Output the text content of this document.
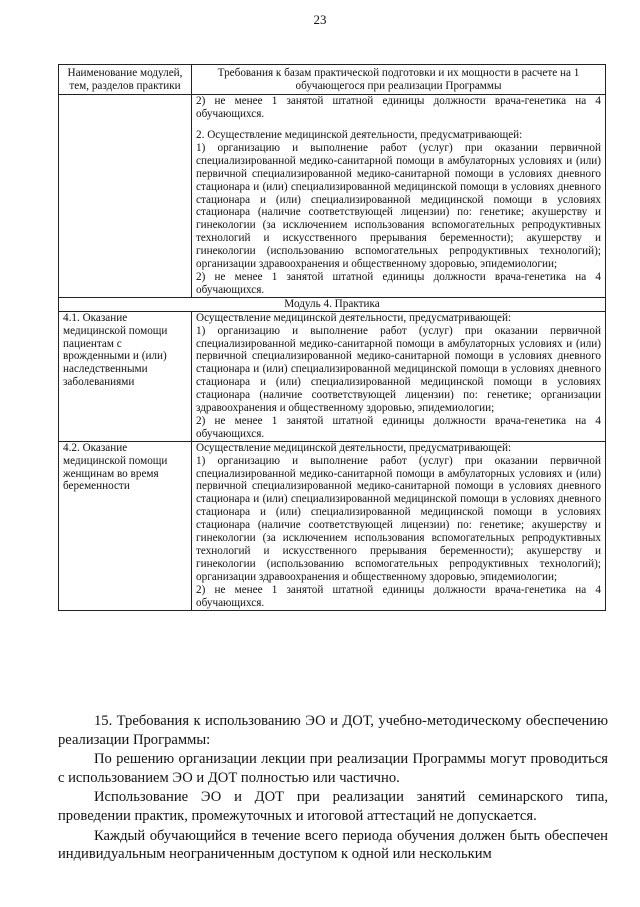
23
Наименование модулей, тем, разделов практики	Требования к базам практической подготовки и их мощности в расчете на 1 обучающегося при реализации Программы

	2) не менее 1 занятой штатной единицы должности врача-генетика на 4 обучающихся.

2. Осуществление медицинской деятельности, предусматривающей:

1) организацию и выполнение работ (услуг) при оказании первичной специализированной медико-санитарной помощи в амбулаторных условиях и (или) первичной специализированной медико-санитарной помощи в условиях дневного стационара и (или) специализированной медицинской помощи в условиях дневного стационара и (или) специализированной медицинской помощи в условиях стационара (наличие соответствующей лицензии) по: генетике; акушерству и гинекологии (за исключением использования вспомогательных репродуктивных технологий и искусственного прерывания беременности); акушерству и гинекологии (использованию вспомогательных репродуктивных технологий); организации здравоохранения и общественному здоровью, эпидемиологии;

2) не менее 1 занятой штатной единицы должности врача-генетика на 4 обучающихся.

Модуль 4. Практика	
4.1. Оказание медицинской помощи пациентам с врожденными и (или) наследственными заболеваниями	Осуществление медицинской деятельности, предусматривающей:

1) организацию и выполнение работ (услуг) при оказании первичной специализированной медико-санитарной помощи в амбулаторных условиях и (или) первичной специализированной медико-санитарной помощи в условиях дневного стационара и (или) специализированной медицинской помощи в условиях дневного стационара и (или) специализированной медицинской помощи в условиях стационара (наличие соответствующей лицензии) по: генетике; организации здравоохранения и общественному здоровью, эпидемиологии;

2) не менее 1 занятой штатной единицы должности врача-генетика на 4 обучающихся.

4.2. Оказание медицинской помощи женщинам во время беременности	Осуществление медицинской деятельности, предусматривающей:

1) организацию и выполнение работ (услуг) при оказании первичной специализированной медико-санитарной помощи в амбулаторных условиях и (или) первичной специализированной медико-санитарной помощи в условиях дневного стационара и (или) специализированной медицинской помощи в условиях дневного стационара и (или) специализированной медицинской помощи в условиях стационара (наличие соответствующей лицензии) по: генетике; акушерству и гинекологии (за исключением использования вспомогательных репродуктивных технологий и искусственного прерывания беременности); акушерству и гинекологии (использованию вспомогательных репродуктивных технологий); организации здравоохранения и общественному здоровью, эпидемиологии;

2) не менее 1 занятой штатной единицы должности врача-генетика на 4 обучающихся.

15. Требования к использованию ЭО и ДОТ, учебно-методическому обеспечению реализации Программы:

По решению организации лекции при реализации Программы могут проводиться с использованием ЭО и ДОТ полностью или частично.

Использование ЭО и ДОТ при реализации занятий семинарского типа, проведении практик, промежуточных и итоговой аттестаций не допускается.

Каждый обучающийся в течение всего периода обучения должен быть обеспечен индивидуальным неограниченным доступом к одной или нескольким
